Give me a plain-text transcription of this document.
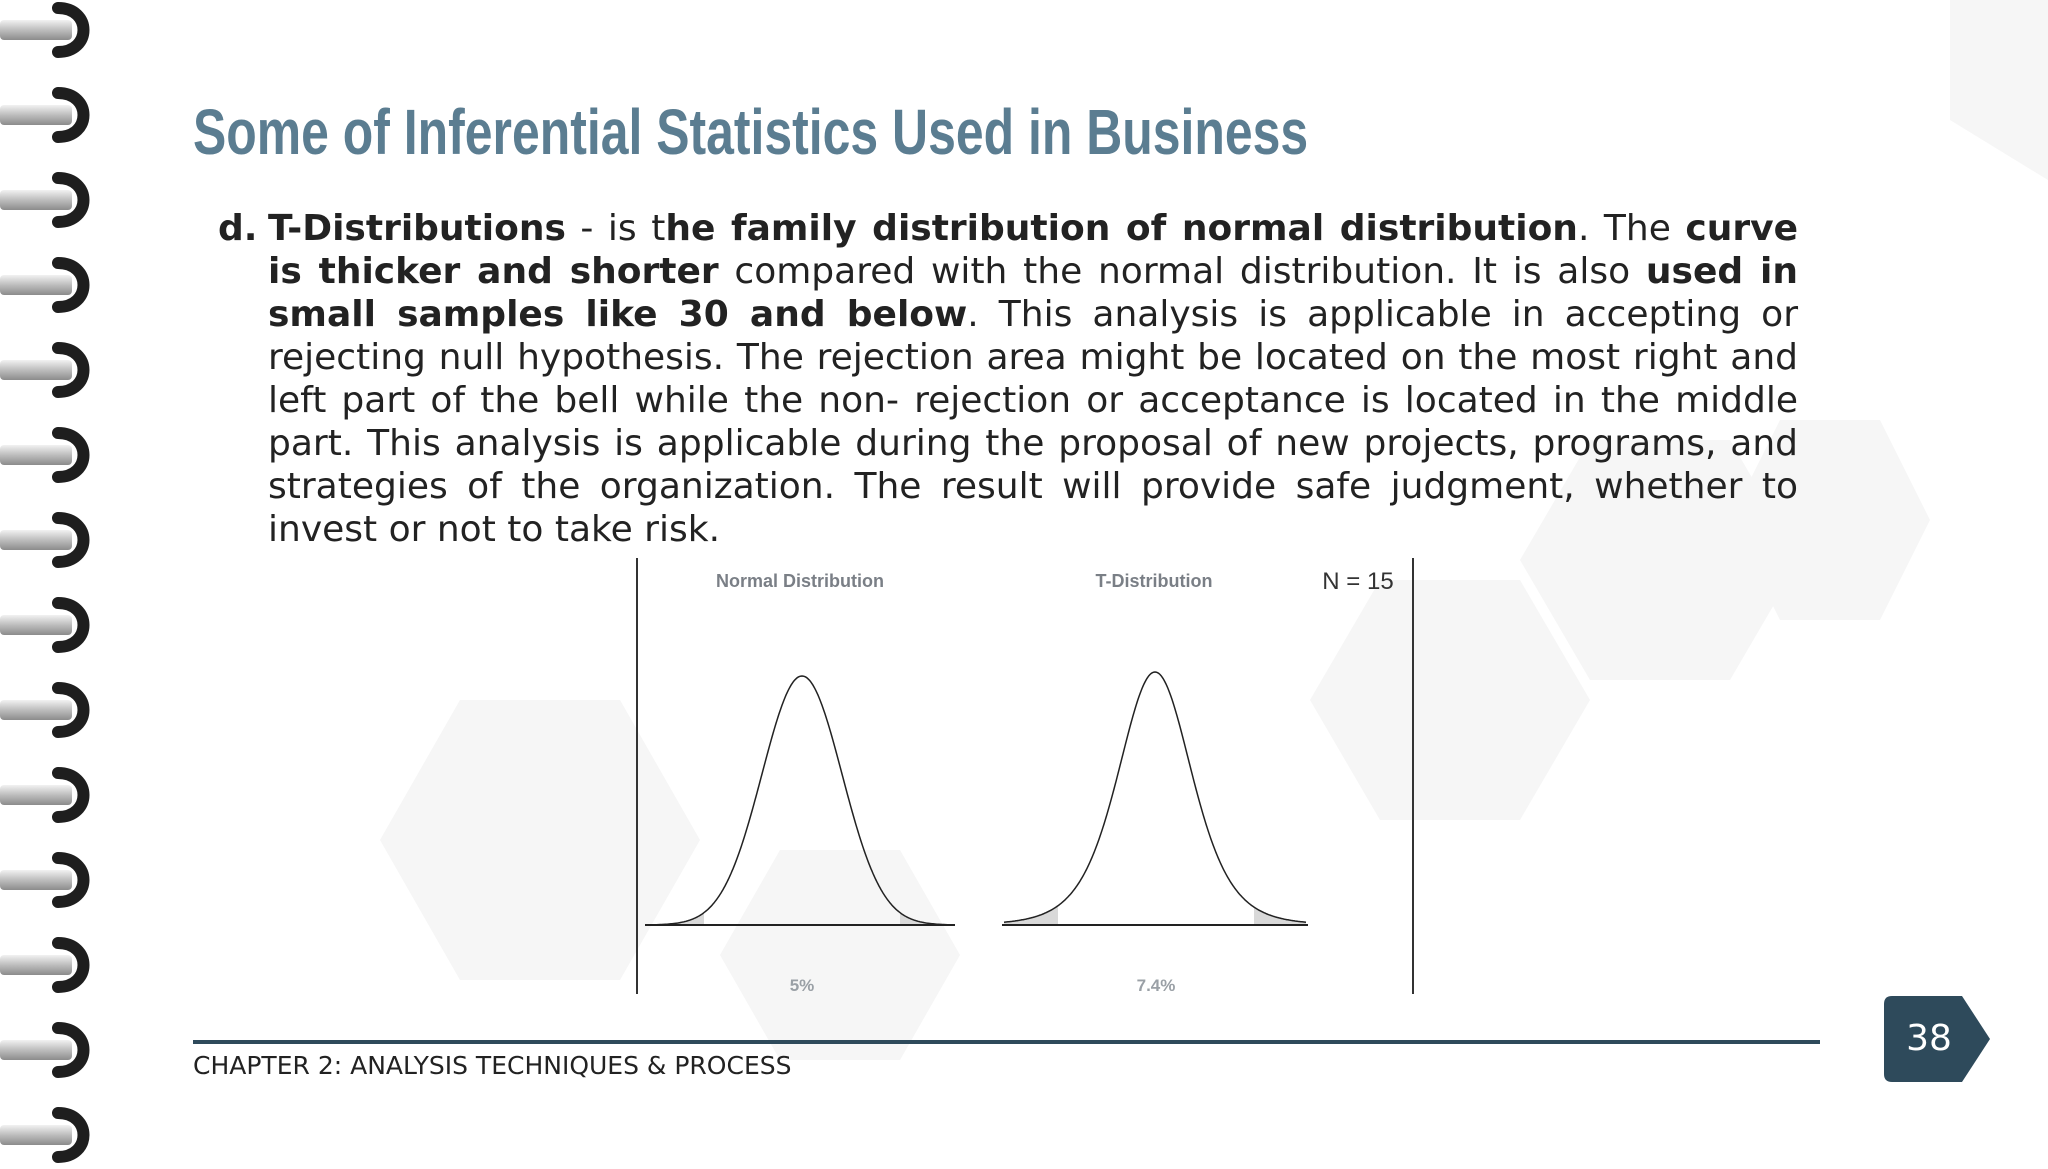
Some of Inferential Statistics Used in Business
d. T-Distributions - is the family distribution of normal distribution. The curve is thicker and shorter compared with the normal distribution. It is also used in small samples like 30 and below. This analysis is applicable in accepting or rejecting null hypothesis. The rejection area might be located on the most right and left part of the bell while the non- rejection or acceptance is located in the middle part. This analysis is applicable during the proposal of new projects, programs, and strategies of the organization. The result will provide safe judgment, whether to invest or not to take risk.

Normal Distribution	T-Distribution	N = 15
5%	7.4%
CHAPTER 2: ANALYSIS TECHNIQUES & PROCESS
38
